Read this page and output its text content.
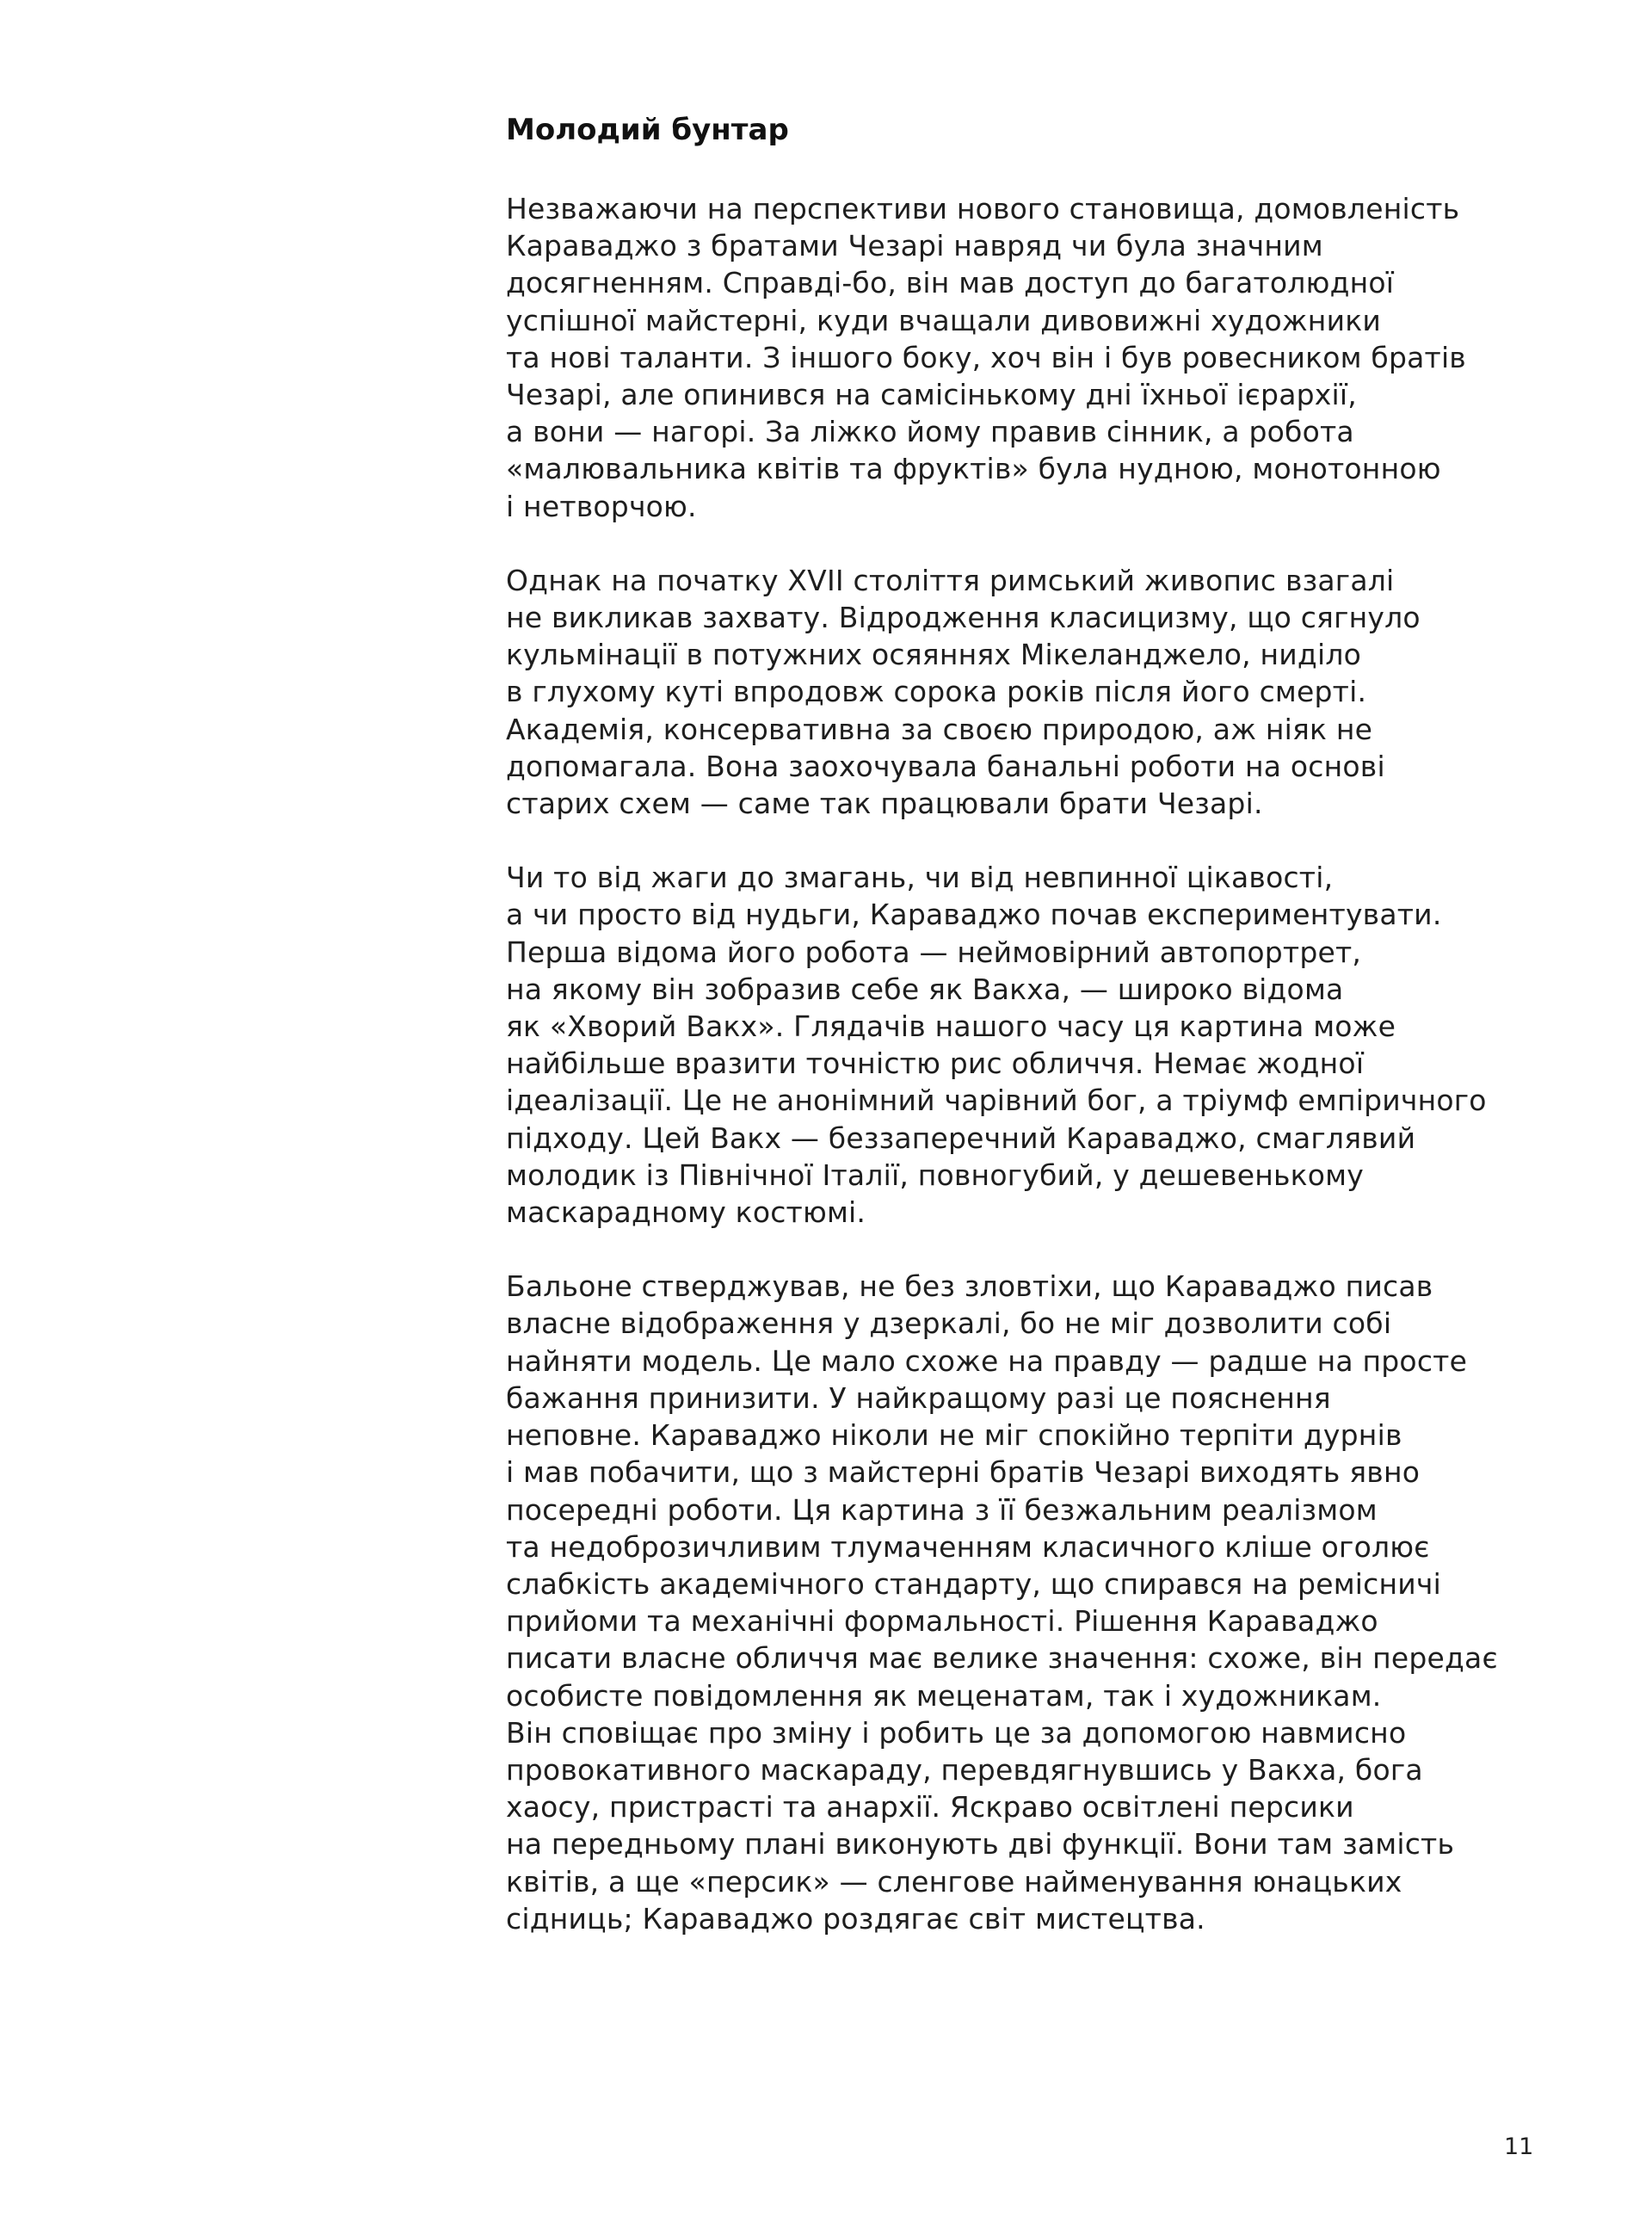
Молодий бунтар

Незважаючи на перспективи нового становища, домовленість
Караваджо з братами Чезарі навряд чи була значним
досягненням. Справді-бо, він мав доступ до багатолюдної
успішної майстерні, куди вчащали дивовижні художники
та нові таланти. З іншого боку, хоч він і був ровесником братів
Чезарі, але опинився на самісінькому дні їхньої ієрархії,
а вони — нагорі. За ліжко йому правив сінник, а робота
«малювальника квітів та фруктів» була нудною, монотонною
і нетворчою.

Однак на початку XVII століття римський живопис взагалі
не викликав захвату. Відродження класицизму, що сягнуло
кульмінації в потужних осяяннях Мікеланджело, ниділо
в глухому куті впродовж сорока років після його смерті.
Академія, консервативна за своєю природою, аж ніяк не
допомагала. Вона заохочувала банальні роботи на основі
старих схем — саме так працювали брати Чезарі.

Чи то від жаги до змагань, чи від невпинної цікавості,
а чи просто від нудьги, Караваджо почав експериментувати.
Перша відома його робота — неймовірний автопортрет,
на якому він зобразив себе як Вакха, — широко відома
як «Хворий Вакх». Глядачів нашого часу ця картина може
найбільше вразити точністю рис обличчя. Немає жодної
ідеалізації. Це не анонімний чарівний бог, а тріумф емпіричного
підходу. Цей Вакх — беззаперечний Караваджо, смаглявий
молодик із Північної Італії, повногубий, у дешевенькому
маскарадному костюмі.

Бальоне стверджував, не без зловтіхи, що Караваджо писав
власне відображення у дзеркалі, бо не міг дозволити собі
найняти модель. Це мало схоже на правду — радше на просте
бажання принизити. У найкращому разі це пояснення
неповне. Караваджо ніколи не міг спокійно терпіти дурнів
і мав побачити, що з майстерні братів Чезарі виходять явно
посередні роботи. Ця картина з її безжальним реалізмом
та недоброзичливим тлумаченням класичного кліше оголює
слабкість академічного стандарту, що спирався на ремісничі
прийоми та механічні формальності. Рішення Караваджо
писати власне обличчя має велике значення: схоже, він передає
особисте повідомлення як меценатам, так і художникам.
Він сповіщає про зміну і робить це за допомогою навмисно
провокативного маскараду, перевдягнувшись у Вакха, бога
хаосу, пристрасті та анархії. Яскраво освітлені персики
на передньому плані виконують дві функції. Вони там замість
квітів, а ще «персик» — сленгове найменування юнацьких
сідниць; Караваджо роздягає світ мистецтва.

11
